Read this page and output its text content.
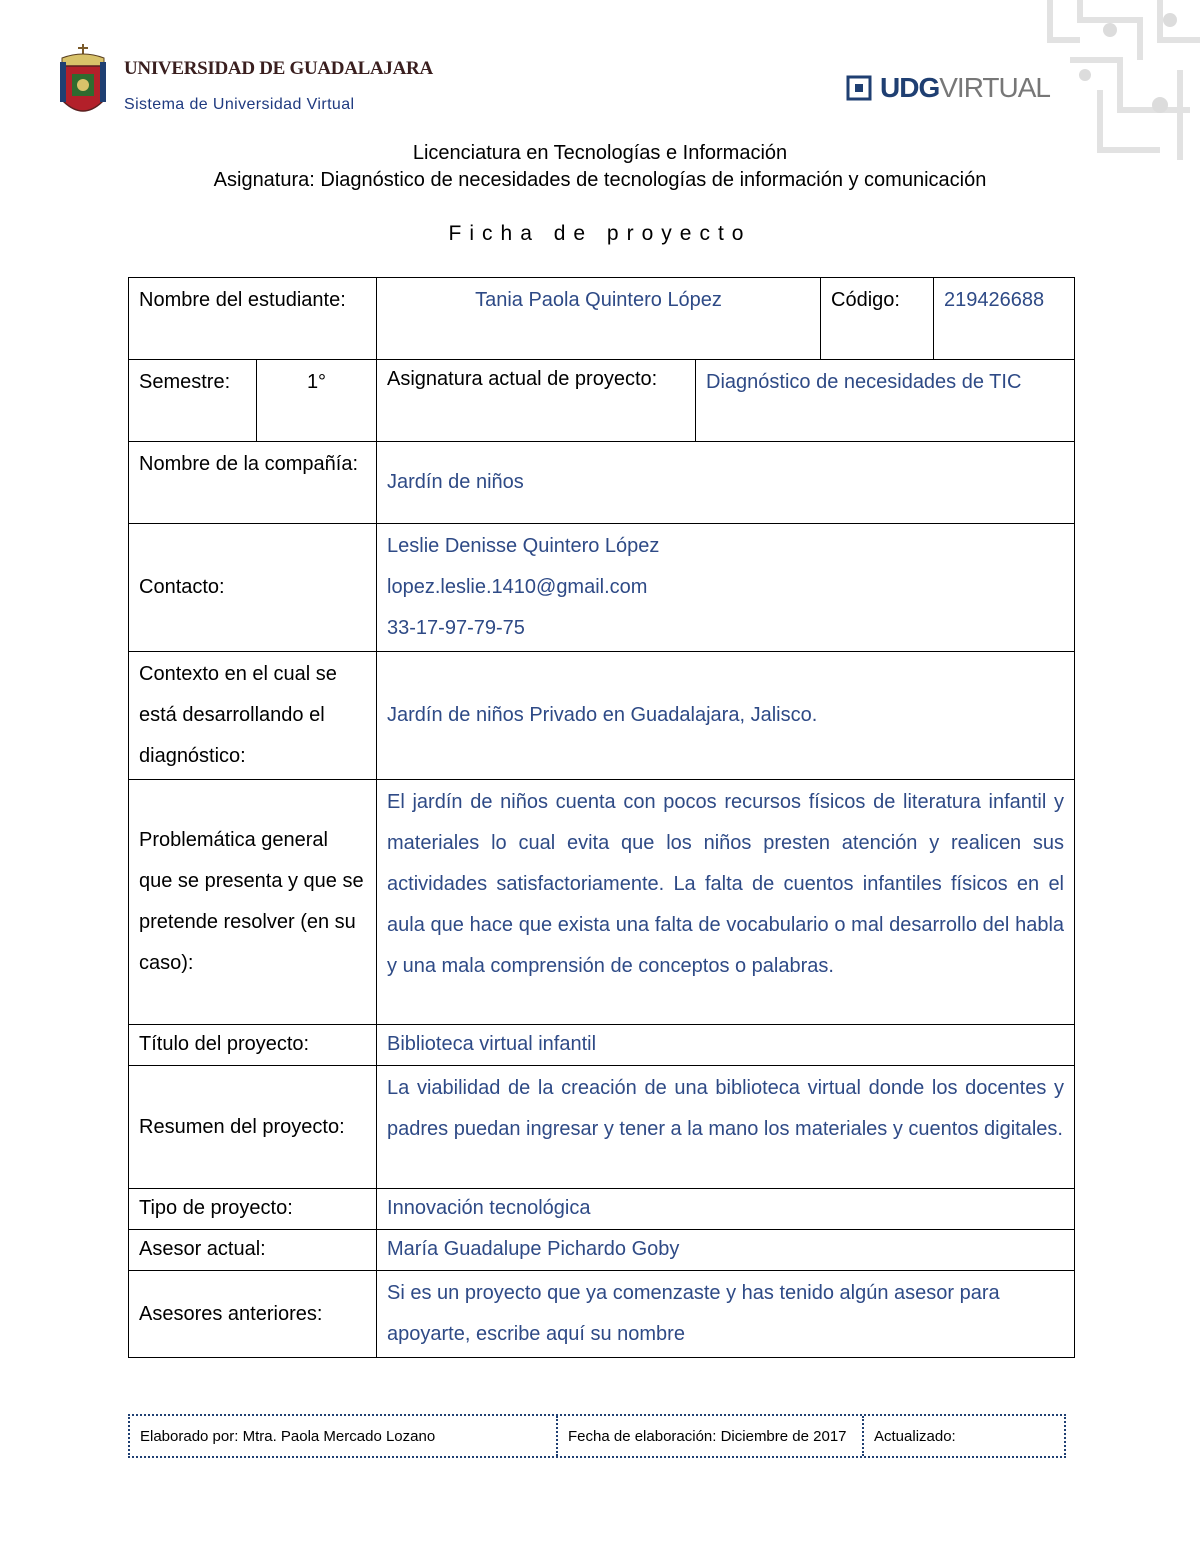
UNIVERSIDAD DE GUADALAJARA
Sistema de Universidad Virtual
UDGVIRTUAL
Licenciatura en Tecnologías e Información
Asignatura: Diagnóstico de necesidades de tecnologías de información y comunicación
Ficha de proyecto
Nombre del estudiante:		Tania Paola Quintero López		Código:	219426688
Semestre:	1°	Asignatura actual de proyecto:	Diagnóstico de necesidades de TIC		
Nombre de la compañía:		Jardín de niños			
Contacto:		Leslie Denisse Quintero López
lopez.leslie.1410@gmail.com
33-17-97-79-75			

Contexto en el cual se está desarrollando el diagnóstico:		Jardín de niños Privado en Guadalajara, Jalisco.			
Problemática general que se presenta y que se pretende resolver (en su caso):		El jardín de niños cuenta con pocos recursos físicos de literatura infantil y materiales lo cual evita que los niños presten atención y realicen sus actividades satisfactoriamente. La falta de cuentos infantiles físicos en el aula que hace que exista una falta de vocabulario o mal desarrollo del habla y una mala comprensión de conceptos o palabras.			
Título del proyecto:		Biblioteca virtual infantil			
Resumen del proyecto:		La viabilidad de la creación de una biblioteca virtual donde los docentes y padres puedan ingresar y tener a la mano los materiales y cuentos digitales.			
Tipo de proyecto:		Innovación tecnológica			
Asesor actual:		María Guadalupe Pichardo Goby			
Asesores anteriores:		Si es un proyecto que ya comenzaste y has tenido algún asesor para apoyarte, escribe aquí su nombre			
Elaborado por: Mtra. Paola Mercado Lozano	Fecha de elaboración: Diciembre de 2017	Actualizado:
